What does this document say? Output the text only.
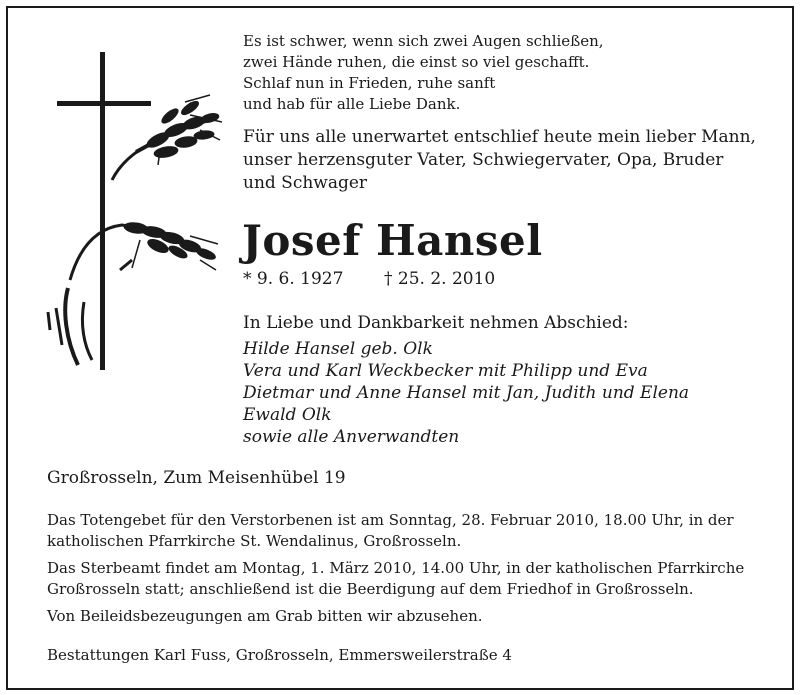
Es ist schwer, wenn sich zwei Augen schließen,
zwei Hände ruhen, die einst so viel geschafft.
Schlaf nun in Frieden, ruhe sanft
und hab für alle Liebe Dank.
Für uns alle unerwartet entschlief heute mein lieber Mann,
unser herzensguter Vater, Schwiegervater, Opa, Bruder
und Schwager
Josef Hansel
* 9. 6. 1927 † 25. 2. 2010
In Liebe und Dankbarkeit nehmen Abschied:
Hilde Hansel geb. Olk
Vera und Karl Weckbecker mit Philipp und Eva
Dietmar und Anne Hansel mit Jan, Judith und Elena
Ewald Olk
sowie alle Anverwandten
Großrosseln, Zum Meisenhübel 19

Das Totengebet für den Verstorbenen ist am Sonntag, 28. Februar 2010, 18.00 Uhr, in der
katholischen Pfarrkirche St. Wendalinus, Großrosseln.

Das Sterbeamt findet am Montag, 1. März 2010, 14.00 Uhr, in der katholischen Pfarrkirche
Großrosseln statt; anschließend ist die Beerdigung auf dem Friedhof in Großrosseln.

Von Beileidsbezeugungen am Grab bitten wir abzusehen.

Bestattungen Karl Fuss, Großrosseln, Emmersweilerstraße 4
